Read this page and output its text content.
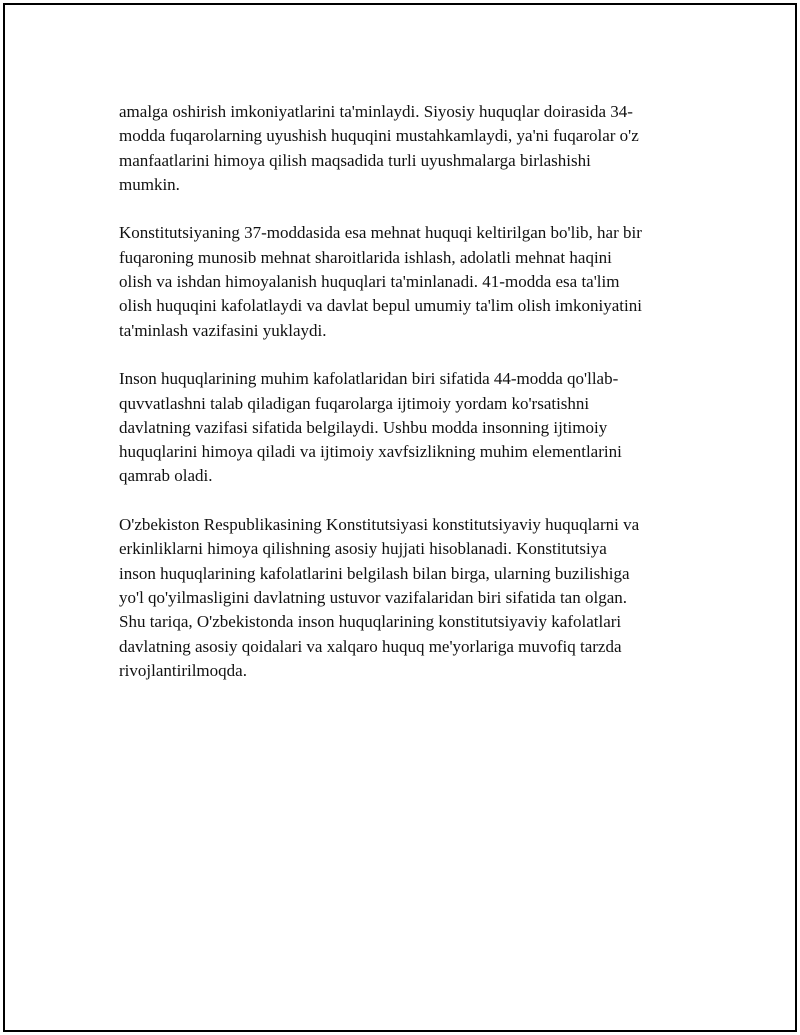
amalga oshirish imkoniyatlarini ta'minlaydi. Siyosiy huquqlar doirasida 34-
modda fuqarolarning uyushish huquqini mustahkamlaydi, ya'ni fuqarolar o'z
manfaatlarini himoya qilish maqsadida turli uyushmalarga birlashishi
mumkin.

Konstitutsiyaning 37-moddasida esa mehnat huquqi keltirilgan bo'lib, har bir
fuqaroning munosib mehnat sharoitlarida ishlash, adolatli mehnat haqini
olish va ishdan himoyalanish huquqlari ta'minlanadi. 41-modda esa ta'lim
olish huquqini kafolatlaydi va davlat bepul umumiy ta'lim olish imkoniyatini
ta'minlash vazifasini yuklaydi.

Inson huquqlarining muhim kafolatlaridan biri sifatida 44-modda qo'llab-
quvvatlashni talab qiladigan fuqarolarga ijtimoiy yordam ko'rsatishni
davlatning vazifasi sifatida belgilaydi. Ushbu modda insonning ijtimoiy
huquqlarini himoya qiladi va ijtimoiy xavfsizlikning muhim elementlarini
qamrab oladi.

O'zbekiston Respublikasining Konstitutsiyasi konstitutsiyaviy huquqlarni va
erkinliklarni himoya qilishning asosiy hujjati hisoblanadi. Konstitutsiya
inson huquqlarining kafolatlarini belgilash bilan birga, ularning buzilishiga
yo'l qo'yilmasligini davlatning ustuvor vazifalaridan biri sifatida tan olgan.
Shu tariqa, O'zbekistonda inson huquqlarining konstitutsiyaviy kafolatlari
davlatning asosiy qoidalari va xalqaro huquq me'yorlariga muvofiq tarzda
rivojlantirilmoqda.
